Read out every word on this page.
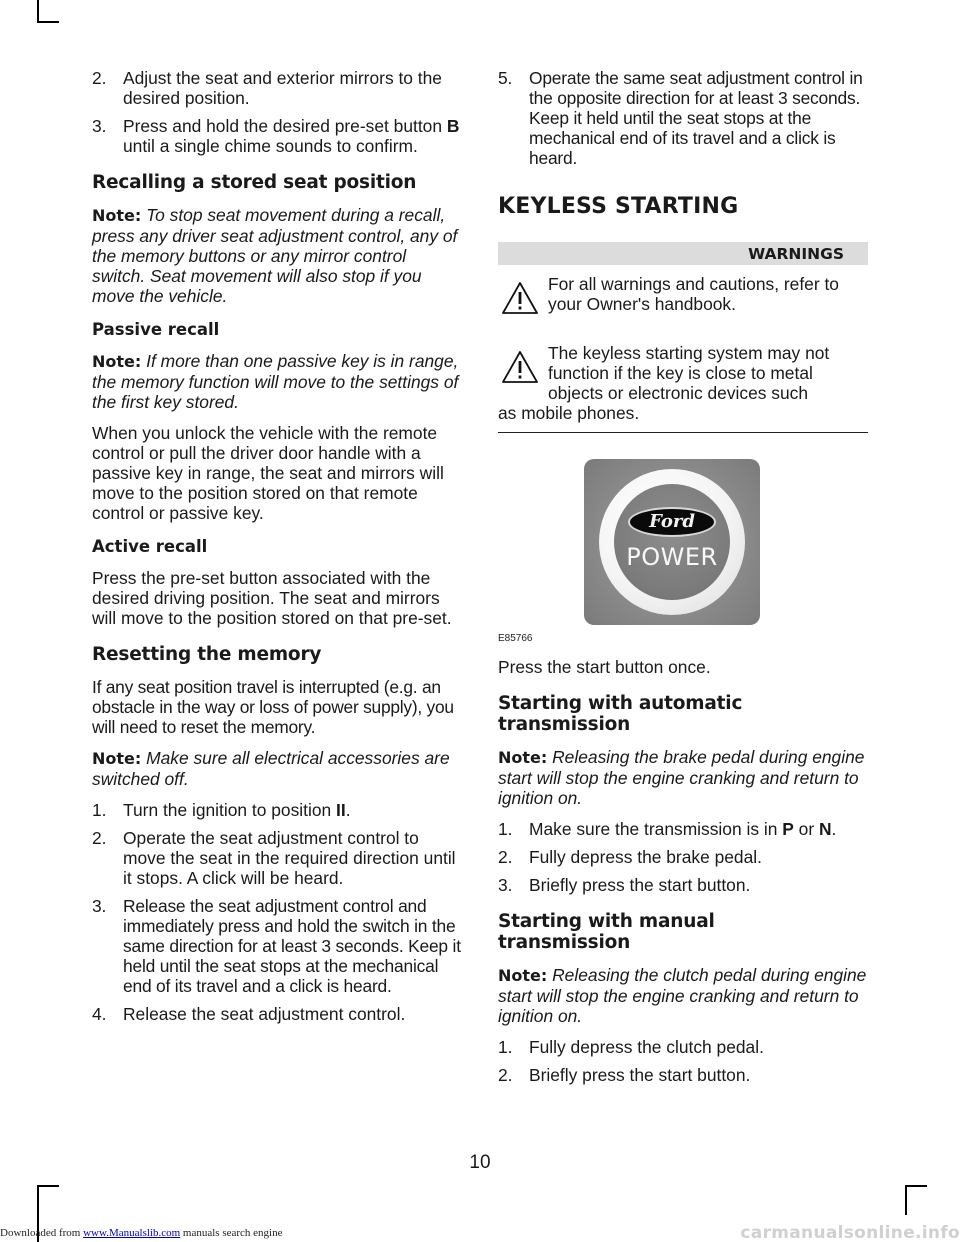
2. Adjust the seat and exterior mirrors to the desired position.
3. Press and hold the desired pre-set button B until a single chime sounds to confirm.
Recalling a stored seat position

Note: To stop seat movement during a recall, press any driver seat adjustment control, any of the memory buttons or any mirror control switch. Seat movement will also stop if you move the vehicle.

Passive recall

Note: If more than one passive key is in range, the memory function will move to the settings of the first key stored.

When you unlock the vehicle with the remote control or pull the driver door handle with a passive key in range, the seat and mirrors will move to the position stored on that remote control or passive key.

Active recall

Press the pre-set button associated with the desired driving position. The seat and mirrors will move to the position stored on that pre-set.

Resetting the memory

If any seat position travel is interrupted (e.g. an obstacle in the way or loss of power supply), you will need to reset the memory.

Note: Make sure all electrical accessories are switched off.

1. Turn the ignition to position II.
2. Operate the seat adjustment control to move the seat in the required direction until it stops. A click will be heard.
3. Release the seat adjustment control and immediately press and hold the switch in the same direction for at least 3 seconds. Keep it held until the seat stops at the mechanical end of its travel and a click is heard.
4. Release the seat adjustment control.
5. Operate the same seat adjustment control in the opposite direction for at least 3 seconds. Keep it held until the seat stops at the mechanical end of its travel and a click is heard.
KEYLESS STARTING
WARNINGS
For all warnings and cautions, refer to your Owner's handbook.
The keyless starting system may not function if the key is close to metal objects or electronic devices such
as mobile phones.
Ford
POWER
E85766

Press the start button once.

Starting with automatic transmission

Note: Releasing the brake pedal during engine start will stop the engine cranking and return to ignition on.

1. Make sure the transmission is in P or N.
2. Fully depress the brake pedal.
3. Briefly press the start button.
Starting with manual transmission

Note: Releasing the clutch pedal during engine start will stop the engine cranking and return to ignition on.

1. Fully depress the clutch pedal.
2. Briefly press the start button.
10
Downloaded from www.Manualslib.com manuals search engine	carmanualsonline.info
